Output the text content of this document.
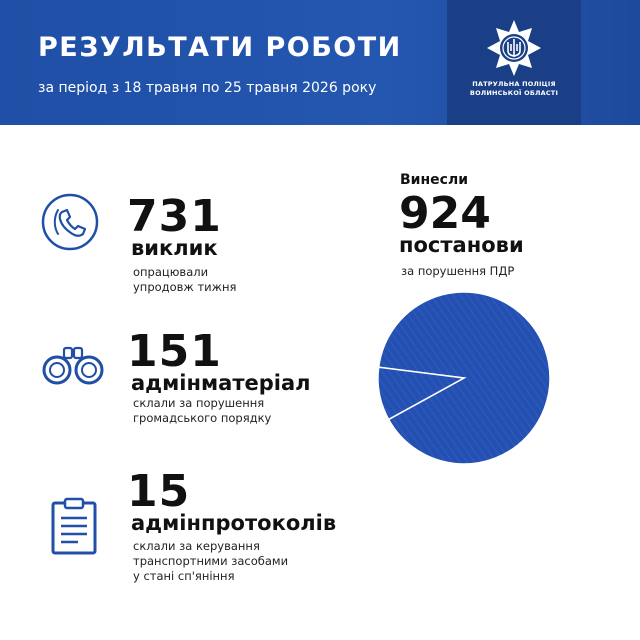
РЕЗУЛЬТАТИ РОБОТИ
за період з 18 травня по 25 травня 2026 року	ПАТРУЛЬНА ПОЛІЦІЯ
ВОЛИНСЬКОЇ ОБЛАСТІ
731
виклик
опрацювали
упродовж тижня
151
адмінматеріал
склали за порушення
громадського порядку
15
адмінпротоколів
склали за керування
транспортними засобами
у стані сп'яніння
Винесли
924
постанови
за порушення ПДР
